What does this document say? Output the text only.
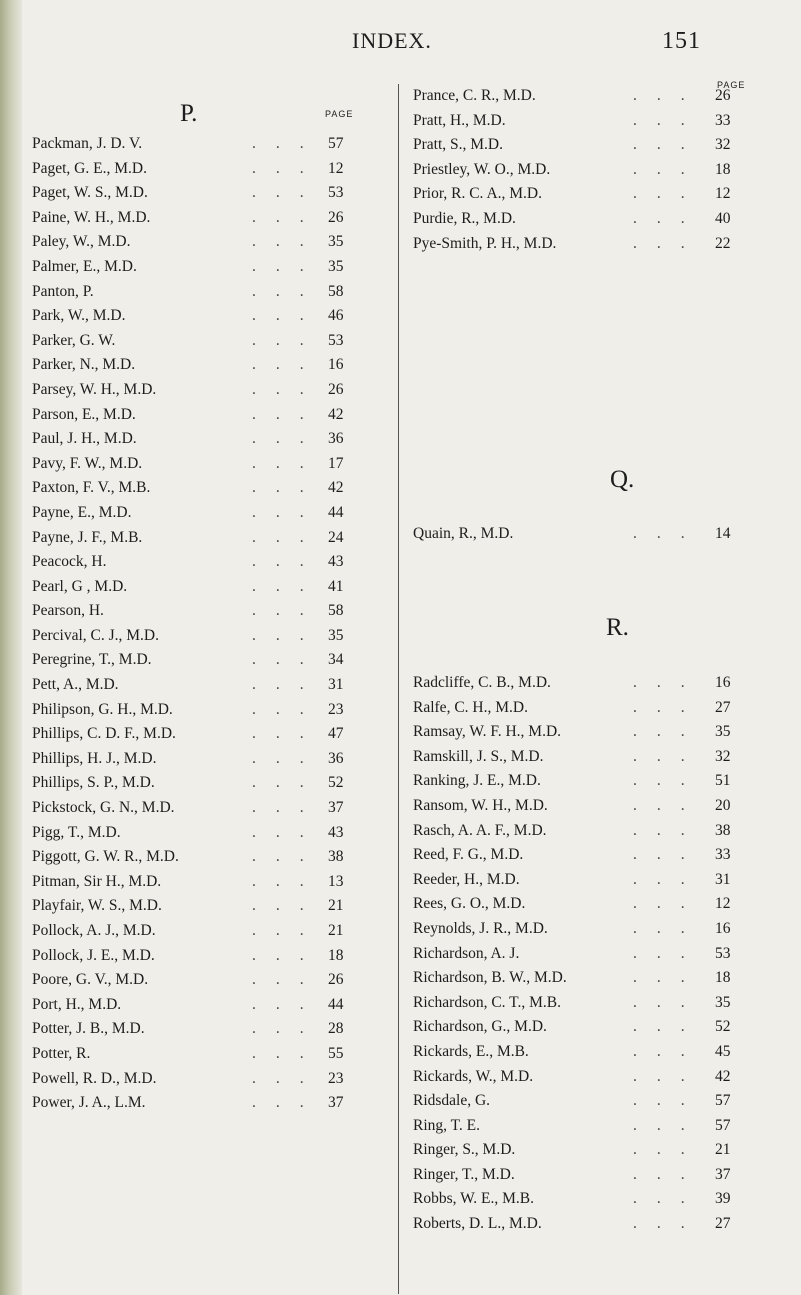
INDEX.	151
P.	PAGE
PAGE
Packman, J. D. V.	... 57
Paget, G. E., M.D.	... 12
Paget, W. S., M.D.	... 53
Paine, W. H., M.D.	... 26
Paley, W., M.D.	... 35
Palmer, E., M.D.	... 35
Panton, P.	... 58
Park, W., M.D.	... 46
Parker, G. W.	... 53
Parker, N., M.D.	... 16
Parsey, W. H., M.D.	... 26
Parson, E., M.D.	... 42
Paul, J. H., M.D.	... 36
Pavy, F. W., M.D.	... 17
Paxton, F. V., M.B.	... 42
Payne, E., M.D.	... 44
Payne, J. F., M.B.	... 24
Peacock, H.	... 43
Pearl, G , M.D.	... 41
Pearson, H.	... 58
Percival, C. J., M.D.	... 35
Peregrine, T., M.D.	... 34
Pett, A., M.D.	... 31
Philipson, G. H., M.D.	... 23
Phillips, C. D. F., M.D.	... 47
Phillips, H. J., M.D.	... 36
Phillips, S. P., M.D.	... 52
Pickstock, G. N., M.D.	... 37
Pigg, T., M.D.	... 43
Piggott, G. W. R., M.D.	... 38
Pitman, Sir H., M.D.	... 13
Playfair, W. S., M.D.	... 21
Pollock, A. J., M.D.	... 21
Pollock, J. E., M.D.	... 18
Poore, G. V., M.D.	... 26
Port, H., M.D.	... 44
Potter, J. B., M.D.	... 28
Potter, R.	... 55
Powell, R. D., M.D.	... 23
Power, J. A., L.M.	... 37
Prance, C. R., M.D.	... 26
Pratt, H., M.D.	... 33
Pratt, S., M.D.	... 32
Priestley, W. O., M.D.	... 18
Prior, R. C. A., M.D.	... 12
Purdie, R., M.D.	... 40
Pye-Smith, P. H., M.D.	... 22
Q.
Quain, R., M.D.	... 14
R.
Radcliffe, C. B., M.D.	... 16
Ralfe, C. H., M.D.	... 27
Ramsay, W. F. H., M.D.	... 35
Ramskill, J. S., M.D.	... 32
Ranking, J. E., M.D.	... 51
Ransom, W. H., M.D.	... 20
Rasch, A. A. F., M.D.	... 38
Reed, F. G., M.D.	... 33
Reeder, H., M.D.	... 31
Rees, G. O., M.D.	... 12
Reynolds, J. R., M.D.	... 16
Richardson, A. J.	... 53
Richardson, B. W., M.D.	... 18
Richardson, C. T., M.B.	... 35
Richardson, G., M.D.	... 52
Rickards, E., M.B.	... 45
Rickards, W., M.D.	... 42
Ridsdale, G.	... 57
Ring, T. E.	... 57
Ringer, S., M.D.	... 21
Ringer, T., M.D.	... 37
Robbs, W. E., M.B.	... 39
Roberts, D. L., M.D.	... 27
